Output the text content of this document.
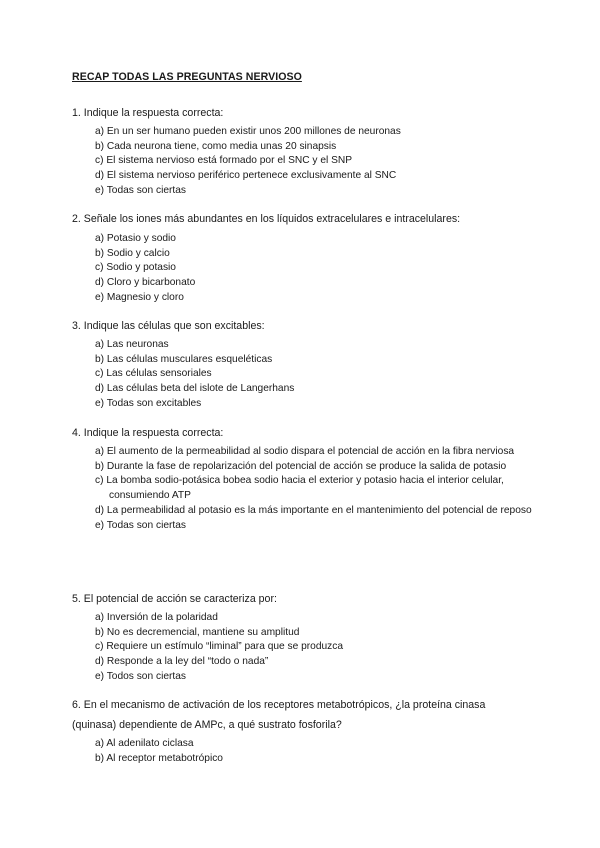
RECAP TODAS LAS PREGUNTAS NERVIOSO
1. Indique la respuesta correcta:
a) En un ser humano pueden existir unos 200 millones de neuronas
b) Cada neurona tiene, como media unas 20 sinapsis
c) El sistema nervioso está formado por el SNC y el SNP
d) El sistema nervioso periférico pertenece exclusivamente al SNC
e) Todas son ciertas
2. Señale los iones más abundantes en los líquidos extracelulares e intracelulares:
a) Potasio y sodio
b) Sodio y calcio
c) Sodio y potasio
d) Cloro y bicarbonato
e) Magnesio y cloro
3. Indique las células que son excitables:
a) Las neuronas
b) Las células musculares esqueléticas
c) Las células sensoriales
d) Las células beta del islote de Langerhans
e) Todas son excitables
4. Indique la respuesta correcta:
a) El aumento de la permeabilidad al sodio dispara el potencial de acción en la fibra nerviosa
b) Durante la fase de repolarización del potencial de acción se produce la salida de potasio
c) La bomba sodio-potásica bobea sodio hacia el exterior y potasio hacia el interior celular, consumiendo ATP
d) La permeabilidad al potasio es la más importante en el mantenimiento del potencial de reposo
e) Todas son ciertas
5. El potencial de acción se caracteriza por:
a) Inversión de la polaridad
b) No es decremencial, mantiene su amplitud
c) Requiere un estímulo “liminal” para que se produzca
d) Responde a la ley del “todo o nada”
e) Todos son ciertas
6. En el mecanismo de activación de los receptores metabotrópicos, ¿la proteína cinasa
(quinasa) dependiente de AMPc, a qué sustrato fosforila?
a) Al adenilato ciclasa
b) Al receptor metabotrópico
